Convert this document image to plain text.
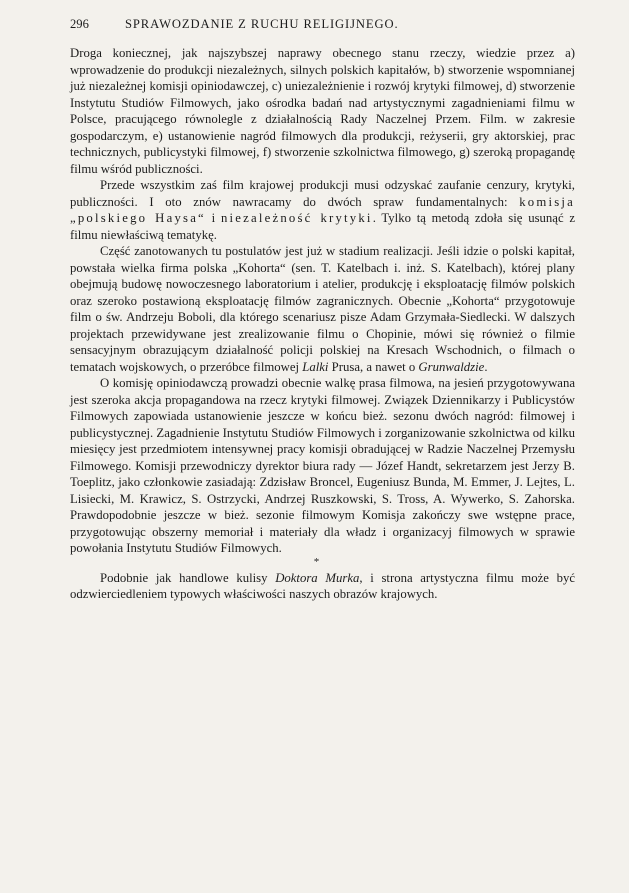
296	SPRAWOZDANIE Z RUCHU RELIGIJNEGO.

Droga koniecznej, jak najszybszej naprawy obecnego stanu rzeczy, wiedzie przez a) wprowadzenie do produkcji niezależnych, silnych polskich kapitałów, b) stworzenie wspomnianej już niezależnej komisji opiniodawczej, c) uniezależnienie i rozwój krytyki filmowej, d) stworzenie Instytutu Studiów Filmowych, jako ośrodka badań nad artystycznymi zagadnieniami filmu w Polsce, pracującego równolegle z działalnością Rady Naczelnej Przem. Film. w zakresie gospodarczym, e) ustanowienie nagród filmowych dla produkcji, reżyserii, gry aktorskiej, prac technicznych, publicystyki filmowej, f) stworzenie szkolnictwa filmowego, g) szeroką propagandę filmu wśród publiczności.

Przede wszystkim zaś film krajowej produkcji musi odzyskać zaufanie cenzury, krytyki, publiczności. I oto znów nawracamy do dwóch spraw fundamentalnych: komisja „polskiego Haysa“ i niezależność krytyki. Tylko tą metodą zdoła się usunąć z filmu niewłaściwą tematykę.

Część zanotowanych tu postulatów jest już w stadium realizacji. Jeśli idzie o polski kapitał, powstała wielka firma polska „Kohorta“ (sen. T. Katelbach i. inż. S. Katelbach), której plany obejmują budowę nowoczesnego laboratorium i atelier, produkcję i eksploatację filmów polskich oraz szeroko postawioną eksploatację filmów zagranicznych. Obecnie „Kohorta“ przygotowuje film o św. Andrzeju Boboli, dla którego scenariusz pisze Adam Grzymała-Siedlecki. W dalszych projektach przewidywane jest zrealizowanie filmu o Chopinie, mówi się również o filmie sensacyjnym obrazującym działalność policji polskiej na Kresach Wschodnich, o filmach o tematach wojskowych, o przeróbce filmowej Lalki Prusa, a nawet o Grunwaldzie.

O komisję opiniodawczą prowadzi obecnie walkę prasa filmowa, na jesień przygotowywana jest szeroka akcja propagandowa na rzecz krytyki filmowej. Związek Dziennikarzy i Publicystów Filmowych zapowiada ustanowienie jeszcze w końcu bież. sezonu dwóch nagród: filmowej i publicystycznej. Zagadnienie Instytutu Studiów Filmowych i zorganizowanie szkolnictwa od kilku miesięcy jest przedmiotem intensywnej pracy komisji obradującej w Radzie Naczelnej Przemysłu Filmowego. Komisji przewodniczy dyrektor biura rady — Józef Handt, sekretarzem jest Jerzy B. Toeplitz, jako członkowie zasiadają: Zdzisław Broncel, Eugeniusz Bunda, M. Emmer, J. Lejtes, L. Lisiecki, M. Krawicz, S. Ostrzycki, Andrzej Ruszkowski, S. Tross, A. Wywerko, S. Zahorska. Prawdopodobnie jeszcze w bież. sezonie filmowym Komisja zakończy swe wstępne prace, przygotowując obszerny memoriał i materiały dla władz i organizacyj filmowych w sprawie powołania Instytutu Studiów Filmowych.

*

Podobnie jak handlowe kulisy Doktora Murka, i strona artystyczna filmu może być odzwierciedleniem typowych właściwości naszych obrazów krajowych.
